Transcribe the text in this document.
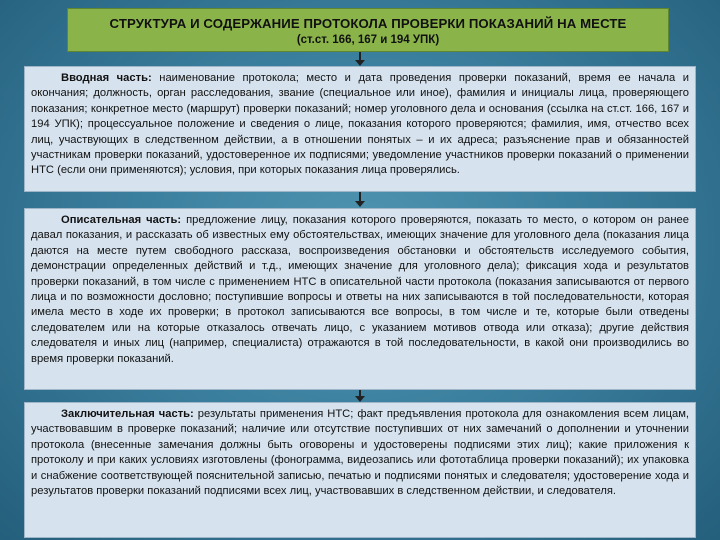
СТРУКТУРА И СОДЕРЖАНИЕ ПРОТОКОЛА ПРОВЕРКИ ПОКАЗАНИЙ НА МЕСТЕ
(ст.ст. 166, 167 и 194 УПК)

Вводная часть: наименование протокола; место и дата проведения проверки показаний, время ее начала и окончания; должность, орган расследования, звание (специальное или иное), фамилия и инициалы лица, проверяющего показания; конкретное место (маршрут) проверки показаний; номер уголовного дела и основания (ссылка на ст.ст. 166, 167 и 194 УПК); процессуальное положение и сведения о лице, показания которого проверяются; фамилия, имя, отчество всех лиц, участвующих в следственном действии, а в отношении понятых – и их адреса; разъяснение прав и обязанностей участникам проверки показаний, удостоверенное их подписями; уведомление участников проверки показаний о применении НТС (если они применяются); условия, при которых показания лица проверялись.

Описательная часть: предложение лицу, показания которого проверяются, показать то место, о котором он ранее давал показания, и рассказать об известных ему обстоятельствах, имеющих значение для уголовного дела (показания лица даются на месте путем свободного рассказа, воспроизведения обстановки и обстоятельств исследуемого события, демонстрации определенных действий и т.д., имеющих значение для уголовного дела); фиксация хода и результатов проверки показаний, в том числе с применением НТС в описательной части протокола (показания записываются от первого лица и по возможности дословно; поступившие вопросы и ответы на них записываются в той последовательности, которая имела место в ходе их проверки; в протокол записываются все вопросы, в том числе и те, которые были отведены следователем или на которые отказалось отвечать лицо, с указанием мотивов отвода или отказа); другие действия следователя и иных лиц (например, специалиста) отражаются в той последовательности, в какой они производились во время проверки показаний.

Заключительная часть: результаты применения НТС; факт предъявления протокола для ознакомления всем лицам, участвовавшим в проверке показаний; наличие или отсутствие поступивших от них замечаний о дополнении и уточнении протокола (внесенные замечания должны быть оговорены и удостоверены подписями этих лиц); какие приложения к протоколу и при каких условиях изготовлены (фонограмма, видеозапись или фототаблица проверки показаний); их упаковка и снабжение соответствующей пояснительной записью, печатью и подписями понятых и следователя; удостоверение хода и результатов проверки показаний подписями всех лиц, участвовавших в следственном действии, и следователя.
